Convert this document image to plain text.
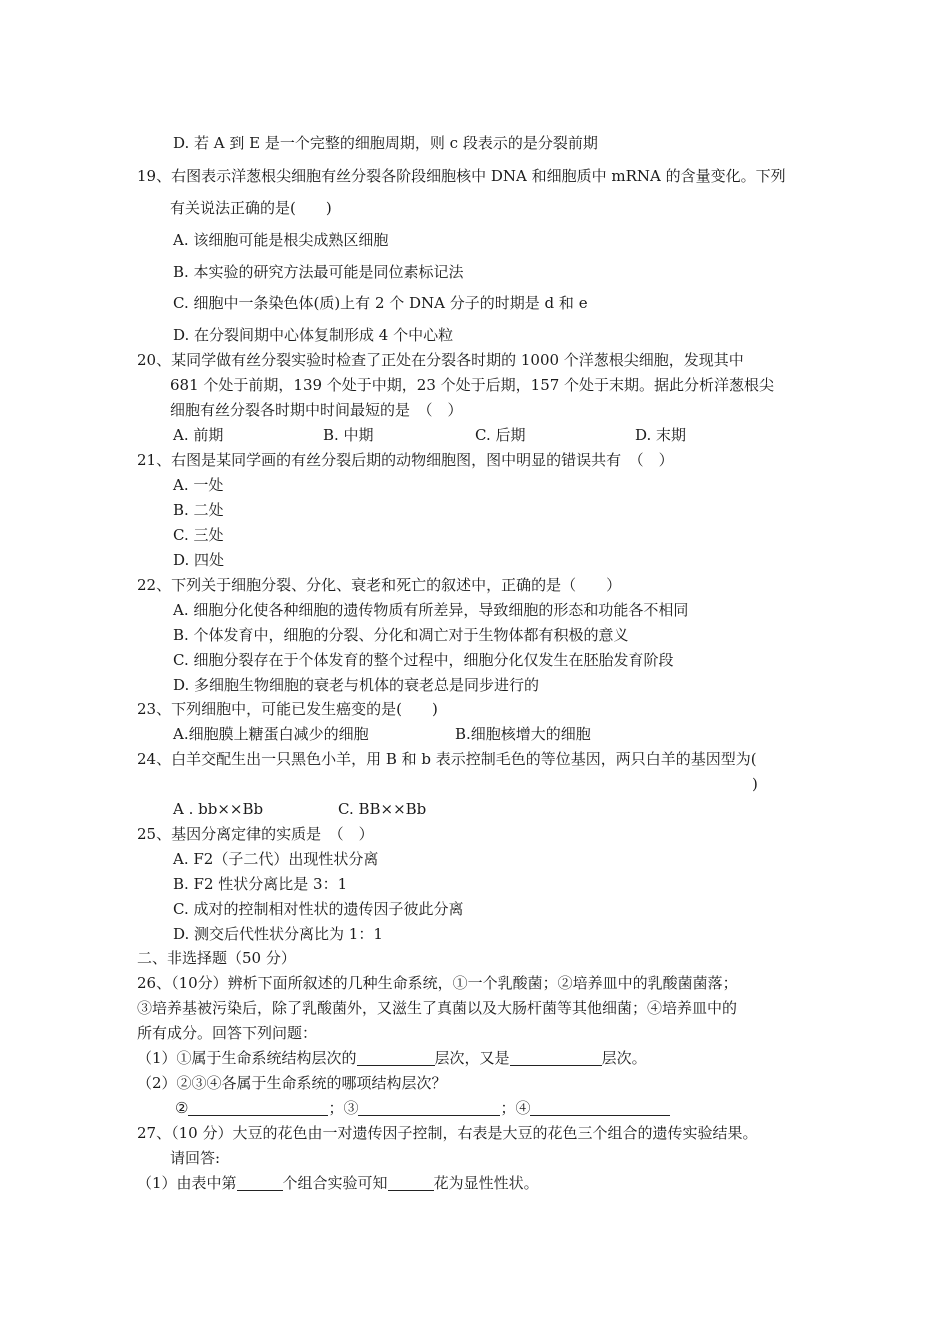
D. 若 A 到 E 是一个完整的细胞周期，则 c 段表示的是分裂前期
19、右图表示洋葱根尖细胞有丝分裂各阶段细胞核中 DNA 和细胞质中 mRNA 的含量变化。下列
有关说法正确的是(　　)
A. 该细胞可能是根尖成熟区细胞
B. 本实验的研究方法最可能是同位素标记法
C. 细胞中一条染色体(质)上有 2 个 DNA 分子的时期是 d 和 e
D. 在分裂间期中心体复制形成 4 个中心粒
20、某同学做有丝分裂实验时检查了正处在分裂各时期的 1000 个洋葱根尖细胞，发现其中
681 个处于前期，139 个处于中期，23 个处于后期，157 个处于末期。据此分析洋葱根尖
细胞有丝分裂各时期中时间最短的是　（　）
A. 前期	B. 中期	C. 后期	D. 末期
21、右图是某同学画的有丝分裂后期的动物细胞图，图中明显的错误共有　（　）
A. 一处
B. 二处
C. 三处
D. 四处
22、下列关于细胞分裂、分化、衰老和死亡的叙述中，正确的是（　　）
A. 细胞分化使各种细胞的遗传物质有所差异，导致细胞的形态和功能各不相同
B. 个体发育中，细胞的分裂、分化和凋亡对于生物体都有积极的意义
C. 细胞分裂存在于个体发育的整个过程中，细胞分化仅发生在胚胎发育阶段
D. 多细胞生物细胞的衰老与机体的衰老总是同步进行的
23、下列细胞中，可能已发生癌变的是(　　)
A.细胞膜上糖蛋白减少的细胞	B.细胞核增大的细胞
24、白羊交配生出一只黑色小羊，用 B 和 b 表示控制毛色的等位基因，两只白羊的基因型为(
)
A . bb××Bb	C. BB××Bb
25、基因分离定律的实质是　（　）
A. F2（子二代）出现性状分离
B. F2 性状分离比是 3：1
C. 成对的控制相对性状的遗传因子彼此分离
D. 测交后代性状分离比为 1：1
二、非选择题（50 分）
26、（10分）辨析下面所叙述的几种生命系统，①一个乳酸菌；②培养皿中的乳酸菌菌落；
③培养基被污染后，除了乳酸菌外，又滋生了真菌以及大肠杆菌等其他细菌；④培养皿中的
所有成分。回答下列问题：
（1）①属于生命系统结构层次的	层次，又是	层次。
（2）②③④各属于生命系统的哪项结构层次？
②	；③	；④
27、（10 分）大豆的花色由一对遗传因子控制，右表是大豆的花色三个组合的遗传实验结果。
请回答:
（1）由表中第	个组合实验可知	花为显性性状。
